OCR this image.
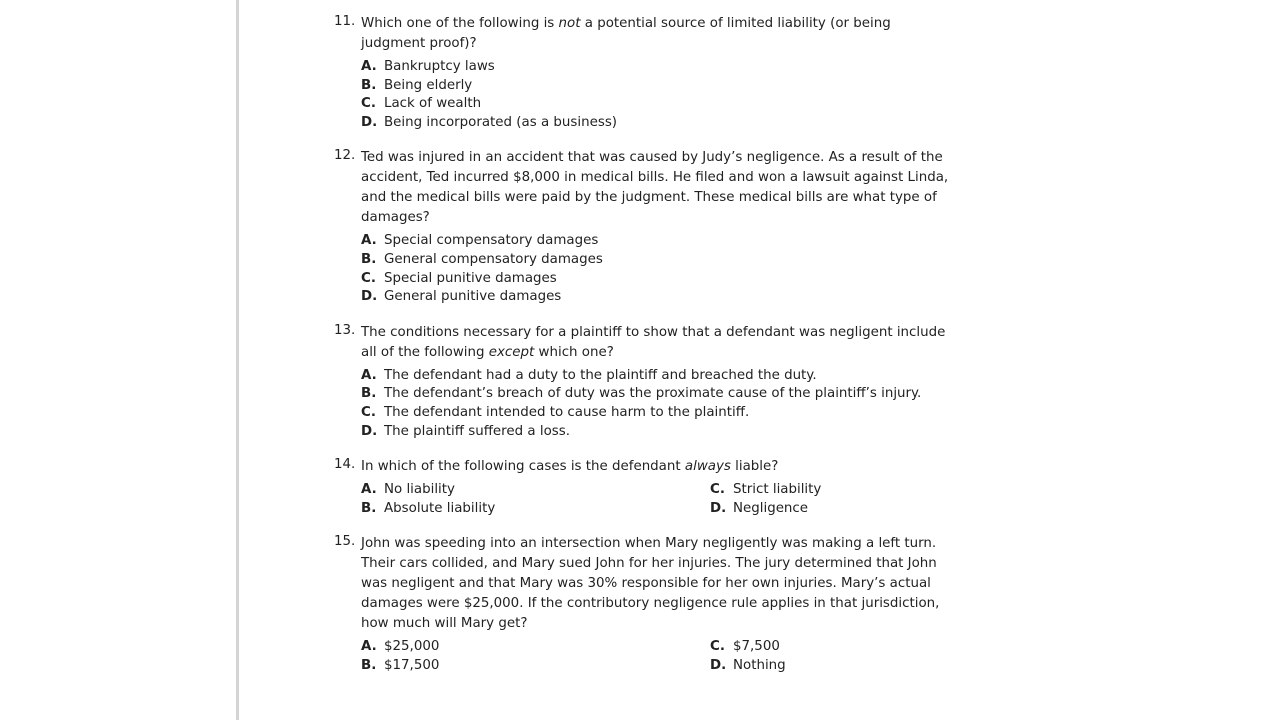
11. Which one of the following is not a potential source of limited liability (or being judgment proof)?
A. Bankruptcy laws
B. Being elderly
C. Lack of wealth
D. Being incorporated (as a business)
12. Ted was injured in an accident that was caused by Judy’s negligence. As a result of the accident, Ted incurred $8,000 in medical bills. He filed and won a lawsuit against Linda, and the medical bills were paid by the judgment. These medical bills are what type of damages?
A. Special compensatory damages
B. General compensatory damages
C. Special punitive damages
D. General punitive damages
13. The conditions necessary for a plaintiff to show that a defendant was negligent include all of the following except which one?
A. The defendant had a duty to the plaintiff and breached the duty.
B. The defendant’s breach of duty was the proximate cause of the plaintiff’s injury.
C. The defendant intended to cause harm to the plaintiff.
D. The plaintiff suffered a loss.
14. In which of the following cases is the defendant always liable?
A. No liability
B. Absolute liability
C. Strict liability
D. Negligence
15. John was speeding into an intersection when Mary negligently was making a left turn. Their cars collided, and Mary sued John for her injuries. The jury determined that John was negligent and that Mary was 30% responsible for her own injuries. Mary’s actual damages were $25,000. If the contributory negligence rule applies in that jurisdiction, how much will Mary get?
A. $25,000
B. $17,500
C. $7,500
D. Nothing
